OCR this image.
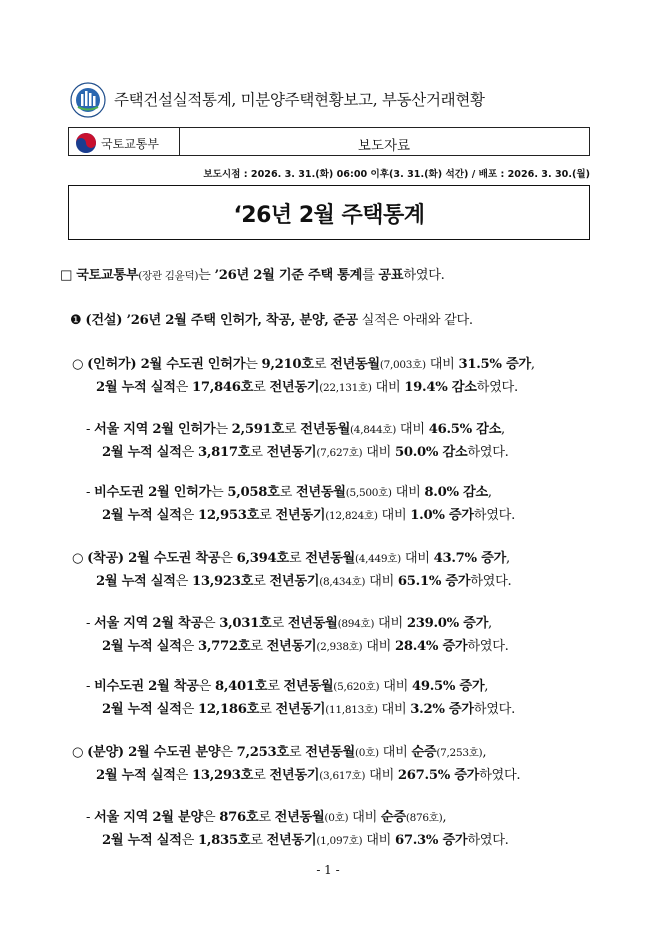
주택건설실적통계, 미분양주택현황보고, 부동산거래현황
국토교통부	보도자료
보도시점 : 2026. 3. 31.(화) 06:00 이후(3. 31.(화) 석간) / 배포 : 2026. 3. 30.(월)
‘26년 2월 주택통계
□ 국토교통부(장관 김윤덕)는 ’26년 2월 기준 주택 통계를 공표하였다.
❶ (건설) ’26년 2월 주택 인허가, 착공, 분양, 준공 실적은 아래와 같다.
○ (인허가) 2월 수도권 인허가는 9,210호로 전년동월(7,003호) 대비 31.5% 증가,
2월 누적 실적은 17,846호로 전년동기(22,131호) 대비 19.4% 감소하였다.
- 서울 지역 2월 인허가는 2,591호로 전년동월(4,844호) 대비 46.5% 감소,
2월 누적 실적은 3,817호로 전년동기(7,627호) 대비 50.0% 감소하였다.
- 비수도권 2월 인허가는 5,058호로 전년동월(5,500호) 대비 8.0% 감소,
2월 누적 실적은 12,953호로 전년동기(12,824호) 대비 1.0% 증가하였다.
○ (착공) 2월 수도권 착공은 6,394호로 전년동월(4,449호) 대비 43.7% 증가,
2월 누적 실적은 13,923호로 전년동기(8,434호) 대비 65.1% 증가하였다.
- 서울 지역 2월 착공은 3,031호로 전년동월(894호) 대비 239.0% 증가,
2월 누적 실적은 3,772호로 전년동기(2,938호) 대비 28.4% 증가하였다.
- 비수도권 2월 착공은 8,401호로 전년동월(5,620호) 대비 49.5% 증가,
2월 누적 실적은 12,186호로 전년동기(11,813호) 대비 3.2% 증가하였다.
○ (분양) 2월 수도권 분양은 7,253호로 전년동월(0호) 대비 순증(7,253호),
2월 누적 실적은 13,293호로 전년동기(3,617호) 대비 267.5% 증가하였다.
- 서울 지역 2월 분양은 876호로 전년동월(0호) 대비 순증(876호),
2월 누적 실적은 1,835호로 전년동기(1,097호) 대비 67.3% 증가하였다.
- 1 -
